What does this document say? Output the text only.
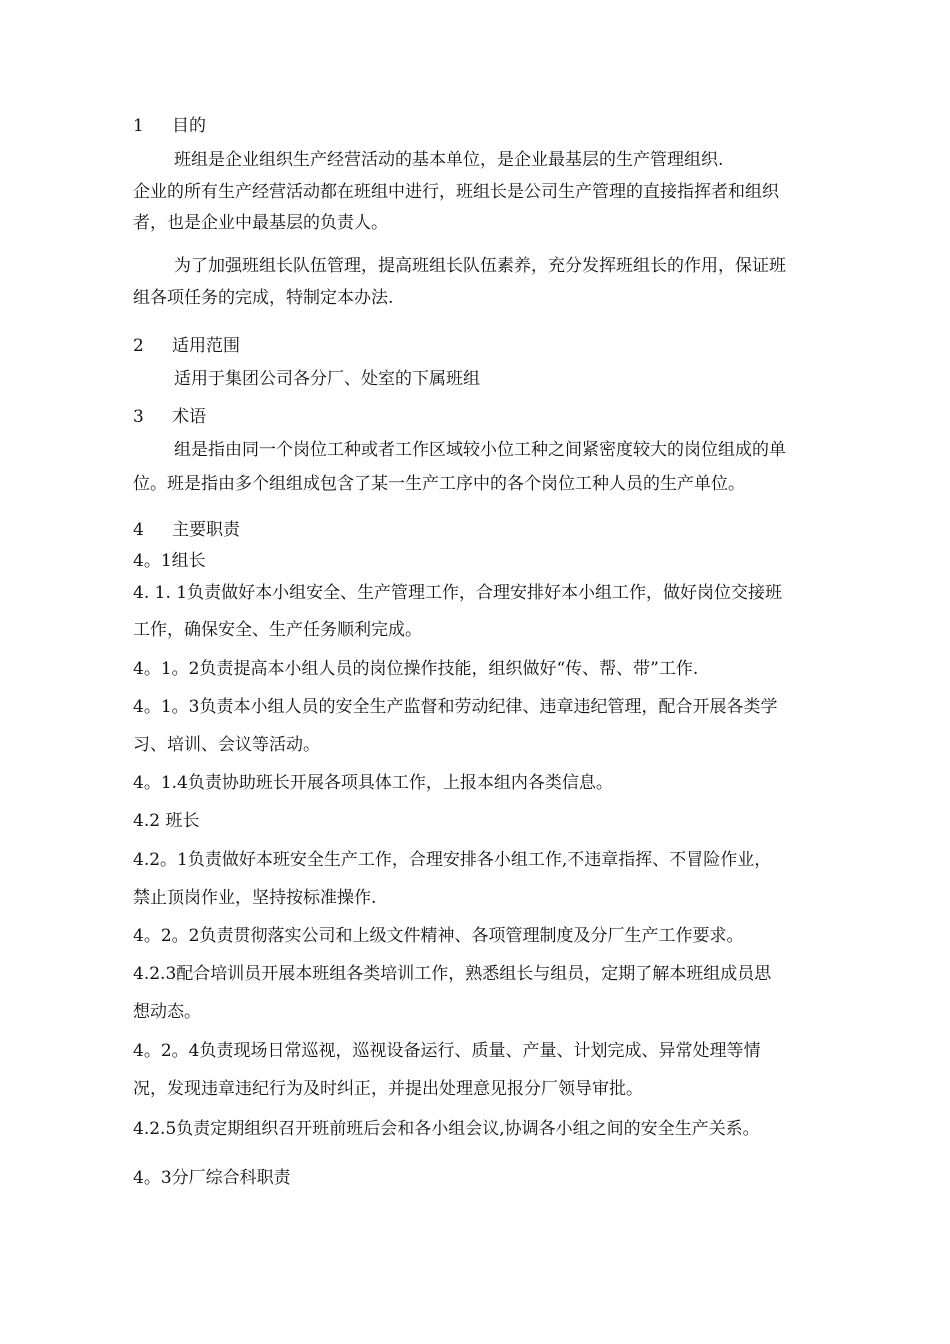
1 目的
班组是企业组织生产经营活动的基本单位，是企业最基层的生产管理组织.
企业的所有生产经营活动都在班组中进行，班组长是公司生产管理的直接指挥者和组织
者，也是企业中最基层的负责人。
为了加强班组长队伍管理，提高班组长队伍素养，充分发挥班组长的作用，保证班
组各项任务的完成，特制定本办法.
2 适用范围
适用于集团公司各分厂、处室的下属班组
3 术语
组是指由同一个岗位工种或者工作区域较小位工种之间紧密度较大的岗位组成的单
位。班是指由多个组组成包含了某一生产工序中的各个岗位工种人员的生产单位。
4 主要职责
4。1组长
4. 1. 1负责做好本小组安全、生产管理工作，合理安排好本小组工作，做好岗位交接班
工作，确保安全、生产任务顺利完成。
4。1。2负责提高本小组人员的岗位操作技能，组织做好“传、帮、带”工作.
4。1。3负责本小组人员的安全生产监督和劳动纪律、违章违纪管理，配合开展各类学
习、培训、会议等活动。
4。1.4负责协助班长开展各项具体工作，上报本组内各类信息。
4.2 班长
4.2。1负责做好本班安全生产工作，合理安排各小组工作,不违章指挥、不冒险作业，
禁止顶岗作业，坚持按标准操作.
4。2。2负责贯彻落实公司和上级文件精神、各项管理制度及分厂生产工作要求。
4.2.3配合培训员开展本班组各类培训工作，熟悉组长与组员，定期了解本班组成员思
想动态。
4。2。4负责现场日常巡视，巡视设备运行、质量、产量、计划完成、异常处理等情
况，发现违章违纪行为及时纠正，并提出处理意见报分厂领导审批。
4.2.5负责定期组织召开班前班后会和各小组会议,协调各小组之间的安全生产关系。
4。3分厂综合科职责
